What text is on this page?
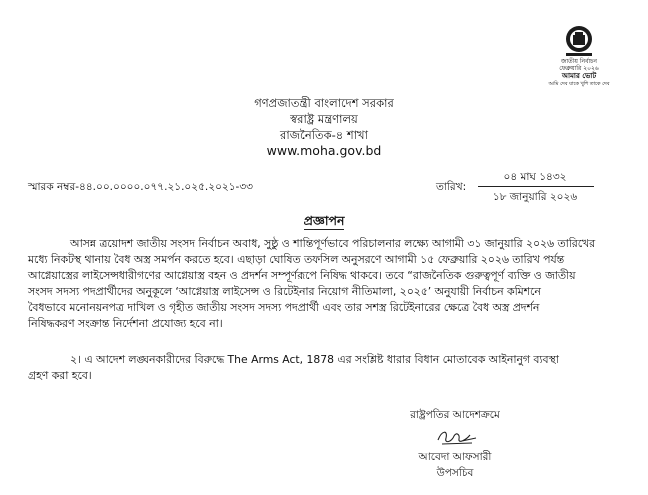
জাতীয় নির্বাচন
ফেব্রুয়ারি ২০২৬
আমার ভোট
আমি দেব যাকে খুশি তাকে দেব
গণপ্রজাতন্ত্রী বাংলাদেশ সরকার
স্বরাষ্ট্র মন্ত্রণালয়
রাজনৈতিক-৪ শাখা
www.moha.gov.bd
স্মারক নম্বর-৪৪.০০.০০০০.০৭৭.২১.০২৫.২০২১-৩৩	তারিখ:
০৪ মাঘ ১৪৩২
১৮ জানুয়ারি ২০২৬
প্রজ্ঞাপন
আসন্ন ত্রয়োদশ জাতীয় সংসদ নির্বাচন অবাধ, সুষ্ঠু ও শান্তিপূর্ণভাবে পরিচালনার লক্ষ্যে আগামী ৩১ জানুয়ারি ২০২৬ তারিখের
মধ্যে নিকটস্থ থানায় বৈধ অস্ত্র সমর্পন করতে হবে। এছাড়া ঘোষিত তফসিল অনুসরণে আগামী ১৫ ফেব্রুয়ারি ২০২৬ তারিখ পর্যন্ত
আগ্নেয়াস্ত্রের লাইসেন্সধারীগণের আগ্নেয়াস্ত্র বহন ও প্রদর্শন সম্পূর্ণরূপে নিষিদ্ধ থাকবে। তবে “রাজনৈতিক গুরুত্বপূর্ণ ব্যক্তি ও জাতীয়
সংসদ সদস্য পদপ্রার্থীদের অনুকূলে ‘আগ্নেয়াস্ত্র লাইসেন্স ও রিটেইনার নিয়োগ নীতিমালা, ২০২৫’ অনুযায়ী নির্বাচন কমিশনে
বৈধভাবে মনোনয়নপত্র দাখিল ও গৃহীত জাতীয় সংসদ সদস্য পদপ্রার্থী এবং তার সশস্ত্র রিটেইনারের ক্ষেত্রে বৈধ অস্ত্র প্রদর্শন
নিষিদ্ধকরণ সংক্রান্ত নির্দেশনা প্রযোজ্য হবে না।
২। এ আদেশ লঙ্ঘনকারীদের বিরুদ্ধে The Arms Act, 1878 এর সংশ্লিষ্ট ধারার বিধান মোতাবেক আইনানুগ ব্যবস্থা
গ্রহণ করা হবে।
রাষ্ট্রপতির আদেশক্রমে
আবেদা আফসারী
উপসচিব
